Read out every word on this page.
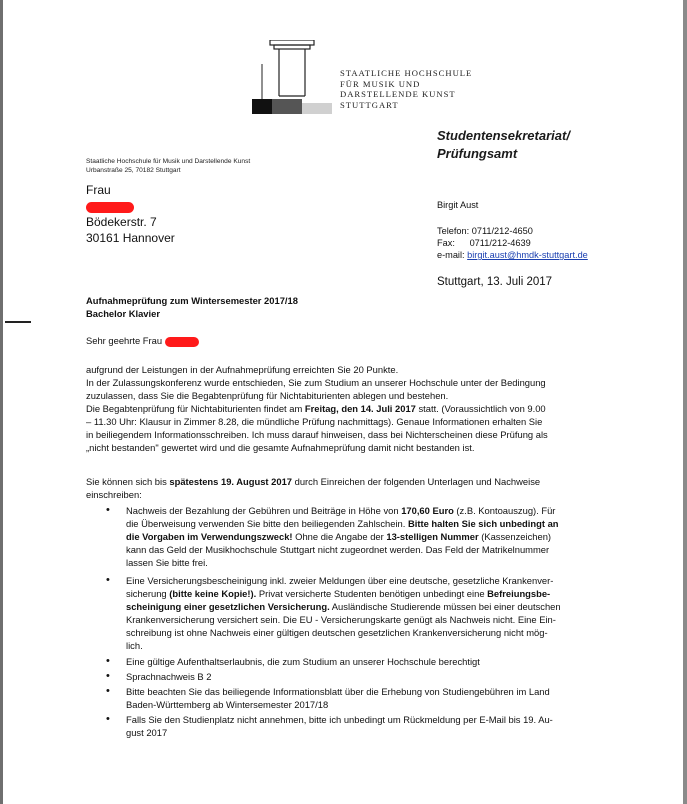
STAATLICHE HOCHSCHULE
FÜR MUSIK UND
DARSTELLENDE KUNST
STUTTGART
Studentensekretariat/
Prüfungsamt
Staatliche Hochschule für Musik und Darstellende Kunst
Urbanstraße 25, 70182 Stuttgart
Frau
Bödekerstr. 7
30161 Hannover
Birgit Aust
Telefon: 0711/212-4650
Fax: 0711/212-4639
e-mail: birgit.aust@hmdk-stuttgart.de
Stuttgart, 13. Juli 2017
Aufnahmeprüfung zum Wintersemester 2017/18
Bachelor Klavier
Sehr geehrte Frau
aufgrund der Leistungen in der Aufnahmeprüfung erreichten Sie 20 Punkte.
In der Zulassungskonferenz wurde entschieden, Sie zum Studium an unserer Hochschule unter der Bedingung
zuzulassen, dass Sie die Begabtenprüfung für Nichtabiturienten ablegen und bestehen.
Die Begabtenprüfung für Nichtabiturienten findet am Freitag, den 14. Juli 2017 statt. (Voraussichtlich von 9.00
– 11.30 Uhr: Klausur in Zimmer 8.28, die mündliche Prüfung nachmittags). Genaue Informationen erhalten Sie
in beiliegendem Informationsschreiben. Ich muss darauf hinweisen, dass bei Nichterscheinen diese Prüfung als
„nicht bestanden" gewertet wird und die gesamte Aufnahmeprüfung damit nicht bestanden ist.
Sie können sich bis spätestens 19. August 2017 durch Einreichen der folgenden Unterlagen und Nachweise
einschreiben:
• Nachweis der Bezahlung der Gebühren und Beiträge in Höhe von 170,60 Euro (z.B. Kontoauszug). Für
die Überweisung verwenden Sie bitte den beiliegenden Zahlschein. Bitte halten Sie sich unbedingt an
die Vorgaben im Verwendungszweck! Ohne die Angabe der 13-stelligen Nummer (Kassenzeichen)
kann das Geld der Musikhochschule Stuttgart nicht zugeordnet werden. Das Feld der Matrikelnummer
lassen Sie bitte frei.
• Eine Versicherungsbescheinigung inkl. zweier Meldungen über eine deutsche, gesetzliche Krankenver-
sicherung (bitte keine Kopie!). Privat versicherte Studenten benötigen unbedingt eine Befreiungsbe-
scheinigung einer gesetzlichen Versicherung. Ausländische Studierende müssen bei einer deutschen
Krankenversicherung versichert sein. Die EU - Versicherungskarte genügt als Nachweis nicht. Eine Ein-
schreibung ist ohne Nachweis einer gültigen deutschen gesetzlichen Krankenversicherung nicht mög-
lich.
• Eine gültige Aufenthaltserlaubnis, die zum Studium an unserer Hochschule berechtigt
• Sprachnachweis B 2
• Bitte beachten Sie das beiliegende Informationsblatt über die Erhebung von Studiengebühren im Land
Baden-Württemberg ab Wintersemester 2017/18
• Falls Sie den Studienplatz nicht annehmen, bitte ich unbedingt um Rückmeldung per E-Mail bis 19. Au-
gust 2017
